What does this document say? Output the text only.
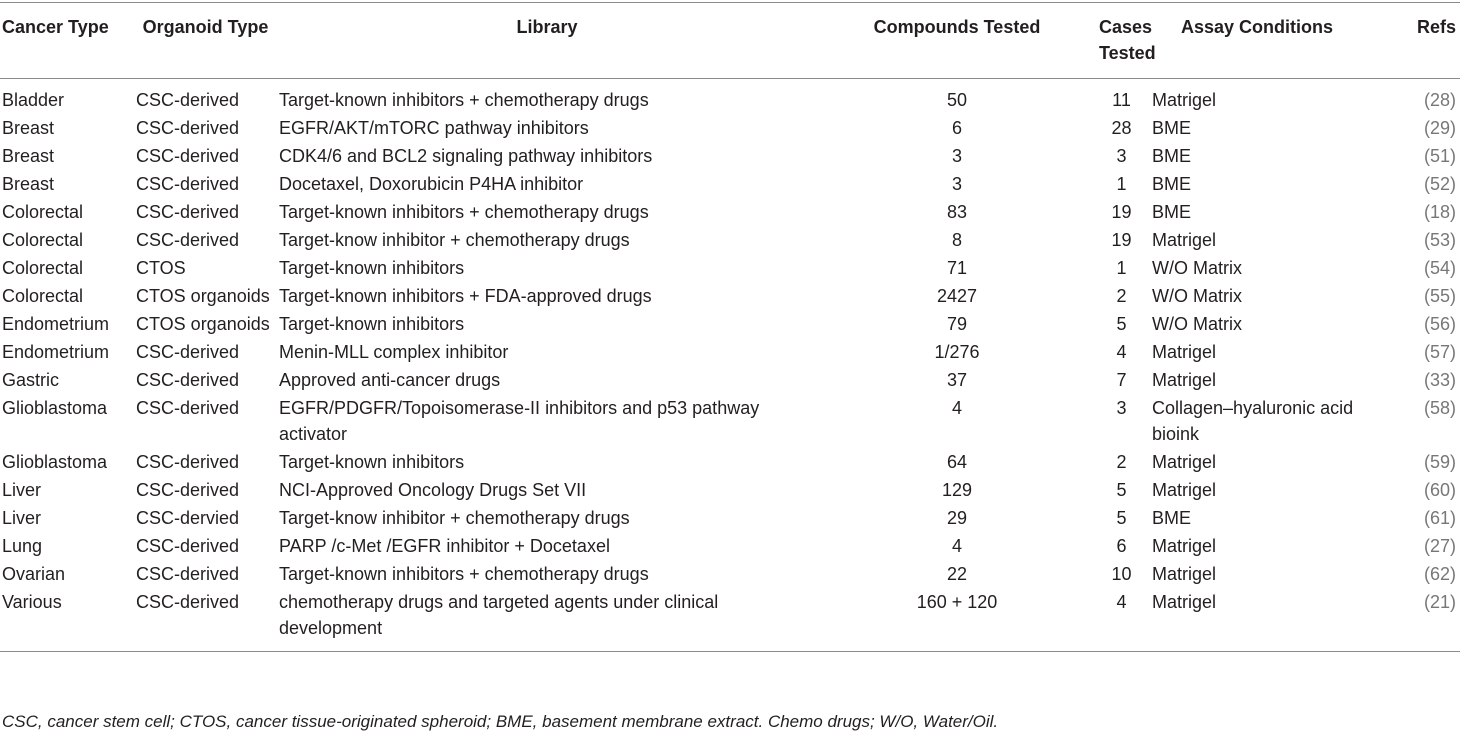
Cancer Type	Organoid Type	Library	Compounds Tested	Cases Tested	Assay Conditions	Refs
Bladder	CSC-derived	Target-known inhibitors + chemotherapy drugs	50	11	Matrigel	(28)
Breast	CSC-derived	EGFR/AKT/mTORC pathway inhibitors	6	28	BME	(29)
Breast	CSC-derived	CDK4/6 and BCL2 signaling pathway inhibitors	3	3	BME	(51)
Breast	CSC-derived	Docetaxel, Doxorubicin P4HA inhibitor	3	1	BME	(52)
Colorectal	CSC-derived	Target-known inhibitors + chemotherapy drugs	83	19	BME	(18)
Colorectal	CSC-derived	Target-know inhibitor + chemotherapy drugs	8	19	Matrigel	(53)
Colorectal	CTOS	Target-known inhibitors	71	1	W/O Matrix	(54)
Colorectal	CTOS organoids	Target-known inhibitors + FDA-approved drugs	2427	2	W/O Matrix	(55)
Endometrium	CTOS organoids	Target-known inhibitors	79	5	W/O Matrix	(56)
Endometrium	CSC-derived	Menin-MLL complex inhibitor	1/276	4	Matrigel	(57)
Gastric	CSC-derived	Approved anti-cancer drugs	37	7	Matrigel	(33)
Glioblastoma	CSC-derived	EGFR/PDGFR/Topoisomerase-II inhibitors and p53 pathway activator	4	3	Collagen–hyaluronic acid bioink	(58)
Glioblastoma	CSC-derived	Target-known inhibitors	64	2	Matrigel	(59)
Liver	CSC-derived	NCI-Approved Oncology Drugs Set VII	129	5	Matrigel	(60)
Liver	CSC-dervied	Target-know inhibitor + chemotherapy drugs	29	5	BME	(61)
Lung	CSC-derived	PARP /c-Met /EGFR inhibitor + Docetaxel	4	6	Matrigel	(27)
Ovarian	CSC-derived	Target-known inhibitors + chemotherapy drugs	22	10	Matrigel	(62)
Various	CSC-derived	chemotherapy drugs and targeted agents under clinical development	160 + 120	4	Matrigel	(21)
CSC, cancer stem cell; CTOS, cancer tissue-originated spheroid; BME, basement membrane extract. Chemo drugs; W/O, Water/Oil.
